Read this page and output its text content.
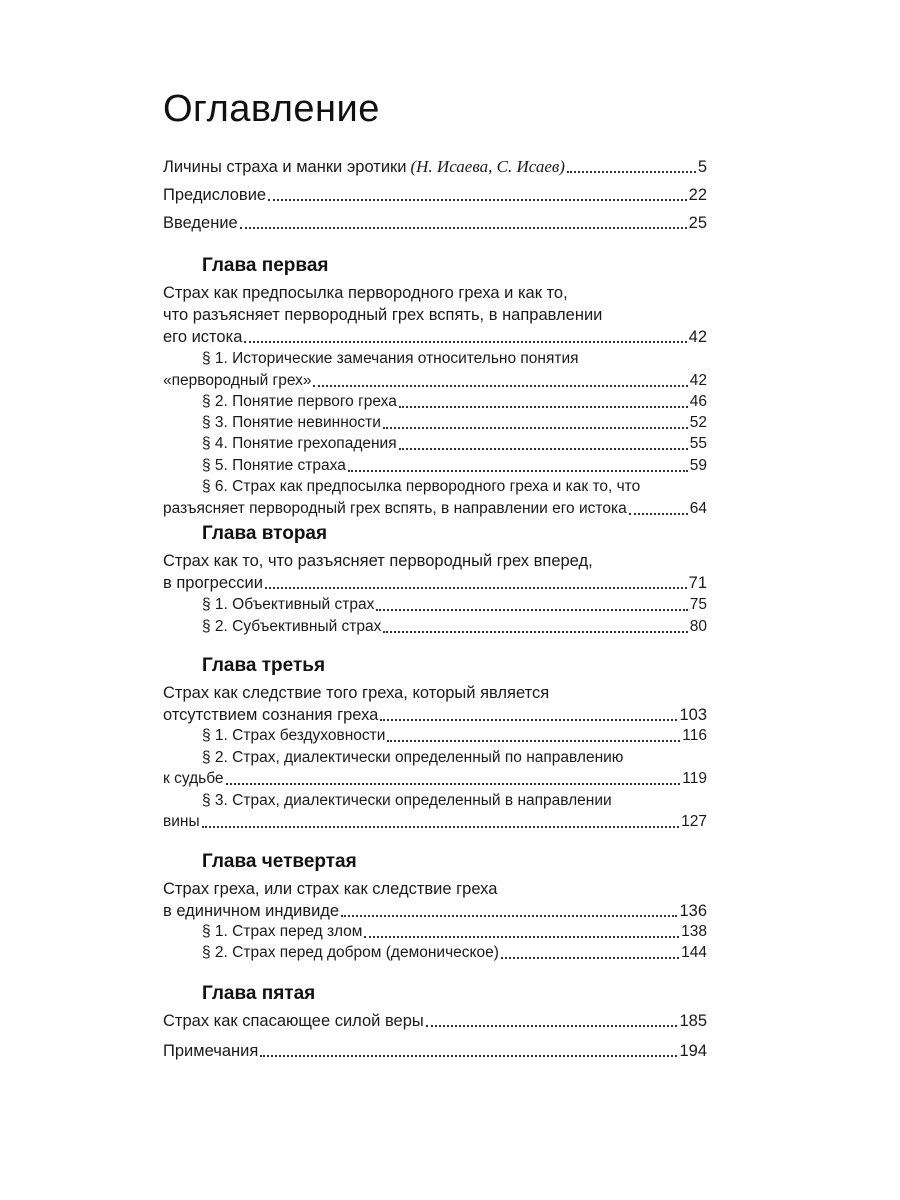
Оглавление
Личины страха и манки эротики (Н. Исаева, С. Исаев)	5
Предисловие	22
Введение	25
Глава первая
Страх как предпосылка первородного греха и как то,
что разъясняет первородный грех вспять, в направлении
его истока	42
§ 1. Исторические замечания относительно понятия
«первородный грех»	42
§ 2. Понятие первого греха	46
§ 3. Понятие невинности	52
§ 4. Понятие грехопадения	55
§ 5. Понятие страха	59
§ 6. Страх как предпосылка первородного греха и как то, что
разъясняет первородный грех вспять, в направлении его истока	64
Глава вторая
Страх как то, что разъясняет первородный грех вперед,
в прогрессии	71
§ 1. Объективный страх	75
§ 2. Субъективный страх	80
Глава третья
Страх как следствие того греха, который является
отсутствием сознания греха	103
§ 1. Страх бездуховности	116
§ 2. Страх, диалектически определенный по направлению
к судьбе	119
§ 3. Страх, диалектически определенный в направлении
вины	127
Глава четвертая
Страх греха, или страх как следствие греха
в единичном индивиде	136
§ 1. Страх перед злом	138
§ 2. Страх перед добром (демоническое)	144
Глава пятая
Страх как спасающее силой веры	185
Примечания	194
